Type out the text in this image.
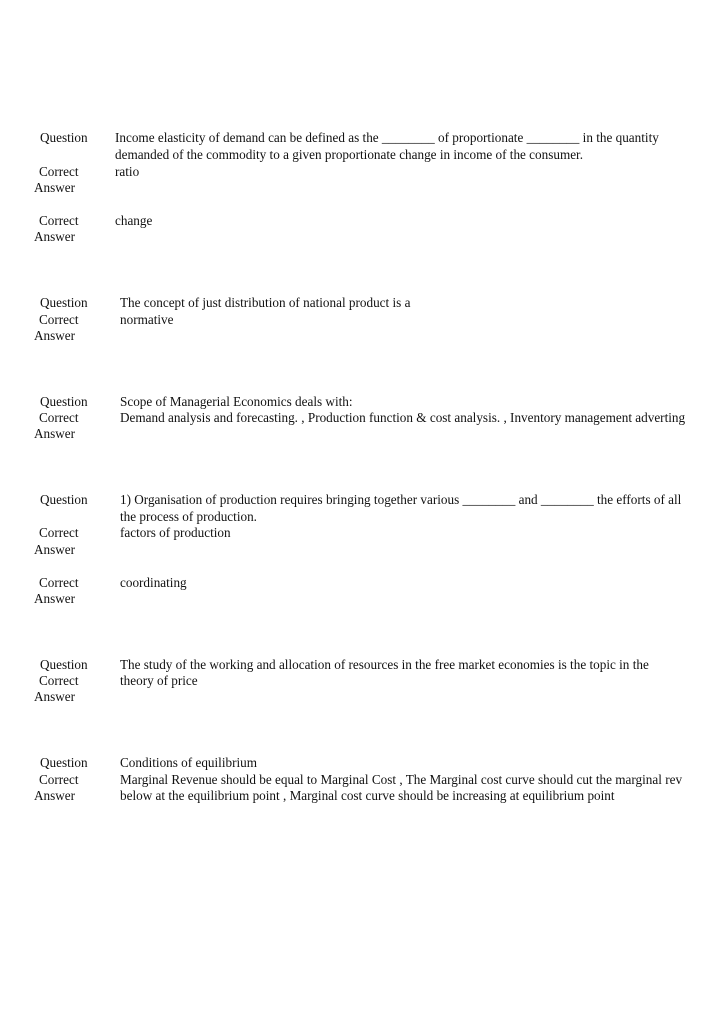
Question Income elasticity of demand can be defined as the ________ of proportionate ________ in the quantity
demanded of the commodity to a given proportionate change in income of the consumer.
Correct	ratio
Answer
Correct	change
Answer
Question The concept of just distribution of national product is a
Correct	normative
Answer
Question Scope of Managerial Economics deals with:
Correct	Demand analysis and forecasting. , Production function & cost analysis. , Inventory management adverting
Answer
Question 1) Organisation of production requires bringing together various ________ and ________ the efforts of all
the process of production.
Correct	factors of production
Answer
Correct	coordinating
Answer
Question The study of the working and allocation of resources in the free market economies is the topic in the
Correct	theory of price
Answer
Question Conditions of equilibrium
Correct	Marginal Revenue should be equal to Marginal Cost , The Marginal cost curve should cut the marginal rev
Answer	below at the equilibrium point , Marginal cost curve should be increasing at equilibrium point
